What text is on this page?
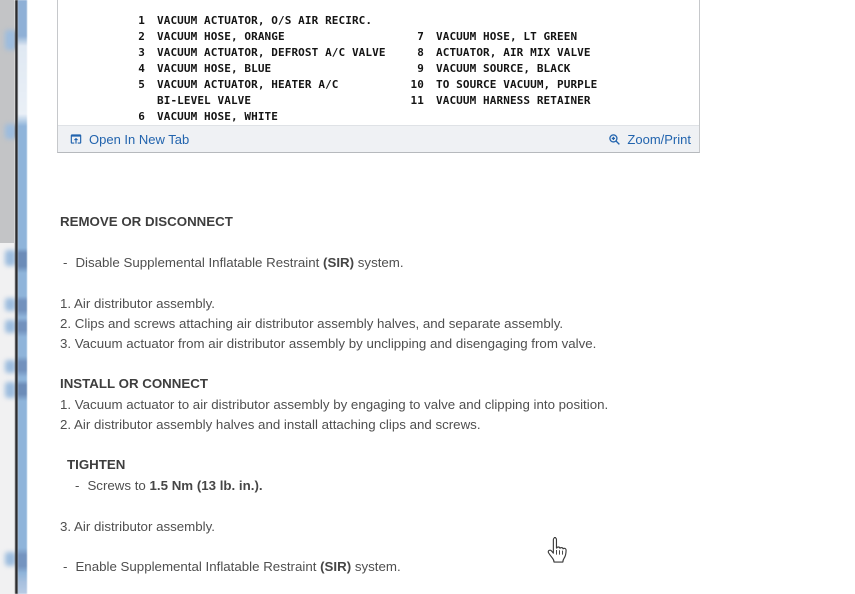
1 VACUUM ACTUATOR, O/S AIR RECIRC.
2 VACUUM HOSE, ORANGE
3 VACUUM ACTUATOR, DEFROST A/C VALVE
4 VACUUM HOSE, BLUE
5 VACUUM ACTUATOR, HEATER A/C
BI-LEVEL VALVE
6 VACUUM HOSE, WHITE
7 VACUUM HOSE, LT GREEN
8 ACTUATOR, AIR MIX VALVE
9 VACUUM SOURCE, BLACK
10 TO SOURCE VACUUM, PURPLE
11 VACUUM HARNESS RETAINER
Open In New Tab	Zoom/Print
REMOVE OR DISCONNECT
- Disable Supplemental Inflatable Restraint (SIR) system.
1. Air distributor assembly.
2. Clips and screws attaching air distributor assembly halves, and separate assembly.
3. Vacuum actuator from air distributor assembly by unclipping and disengaging from valve.
INSTALL OR CONNECT
1. Vacuum actuator to air distributor assembly by engaging to valve and clipping into position.
2. Air distributor assembly halves and install attaching clips and screws.
TIGHTEN
- Screws to 1.5 Nm (13 lb. in.).
3. Air distributor assembly.
- Enable Supplemental Inflatable Restraint (SIR) system.
